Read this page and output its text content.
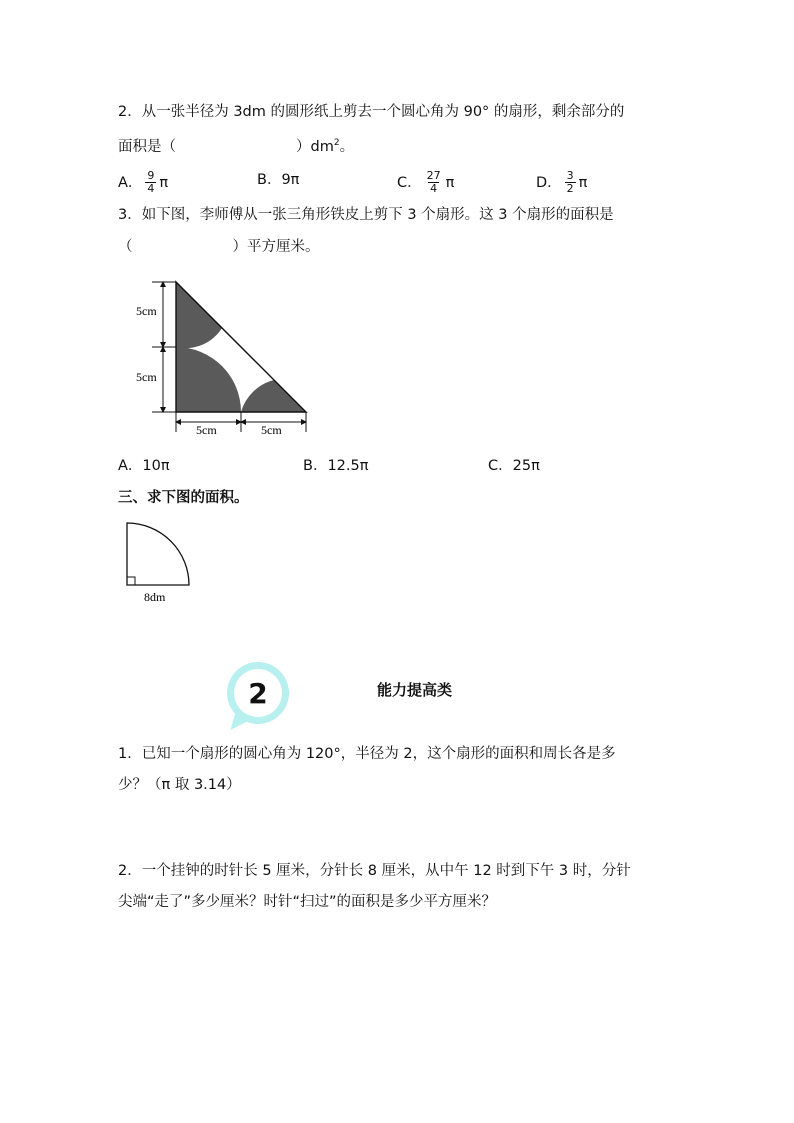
2．从一张半径为 3dm 的圆形纸上剪去一个圆心角为 90° 的扇形，剩余部分的
面积是（	）$dm^2$。
A． $\frac{9}{4}$ π	B． 9π	C． $\frac{27}{4}$ π	D． $\frac{3}{2}$ π
3．如下图，李师傅从一张三角形铁皮上剪下 3 个扇形。这 3 个扇形的面积是
（	）平方厘米。
5cm
5cm
5cm	5cm
A． 10π	B． 12.5π	C． 25π
三、求下图的面积。
8dm
2	能力提高类
1．已知一个扇形的圆心角为 120°，半径为 2，这个扇形的面积和周长各是多
少？（π 取 3.14）
2．一个挂钟的时针长 5 厘米，分针长 8 厘米，从中午 12 时到下午 3 时，分针
尖端“走了”多少厘米？时针“扫过”的面积是多少平方厘米？
